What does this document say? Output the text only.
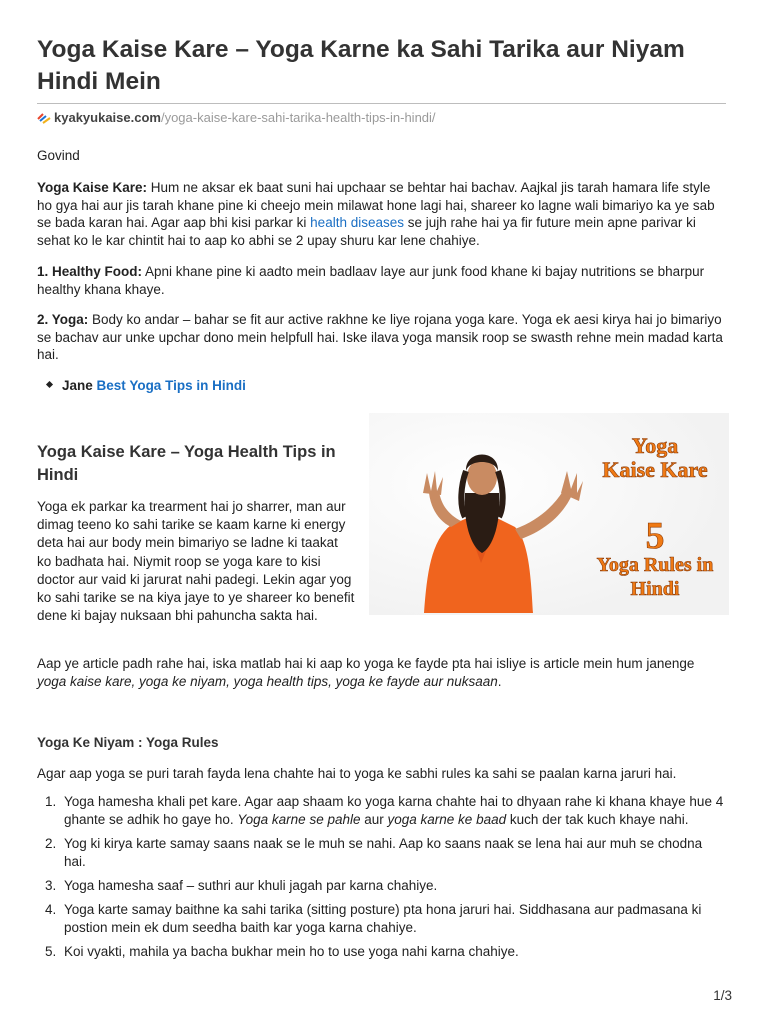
Yoga Kaise Kare – Yoga Karne ka Sahi Tarika aur Niyam Hindi Mein
kyakyukaise.com/yoga-kaise-kare-sahi-tarika-health-tips-in-hindi/
Govind
Yoga Kaise Kare: Hum ne aksar ek baat suni hai upchaar se behtar hai bachav. Aajkal jis tarah hamara life style ho gya hai aur jis tarah khane pine ki cheejo mein milawat hone lagi hai, shareer ko lagne wali bimariyo ka ye sab se bada karan hai. Agar aap bhi kisi parkar ki health diseases se jujh rahe hai ya fir future mein apne parivar ki sehat ko le kar chintit hai to aap ko abhi se 2 upay shuru kar lene chahiye.
1. Healthy Food: Apni khane pine ki aadto mein badlaav laye aur junk food khane ki bajay nutritions se bharpur healthy khana khaye.
2. Yoga: Body ko andar – bahar se fit aur active rakhne ke liye rojana yoga kare. Yoga ek aesi kirya hai jo bimariyo se bachav aur unke upchar dono mein helpfull hai. Iske ilava yoga mansik roop se swasth rehne mein madad karta hai.
Jane Best Yoga Tips in Hindi
Yoga Kaise Kare – Yoga Health Tips in Hindi
Yoga ek parkar ka trearment hai jo sharrer, man aur dimag teeno ko sahi tarike se kaam karne ki energy deta hai aur body mein bimariyo se ladne ki taakat ko badhata hai. Niymit roop se yoga kare to kisi doctor aur vaid ki jarurat nahi padegi. Lekin agar yog ko sahi tarike se na kiya jaye to ye shareer ko benefit dene ki bajay nuksaan bhi pahuncha sakta hai.
Yoga
Kaise Kare
5
Yoga Rules in
Hindi
Aap ye article padh rahe hai, iska matlab hai ki aap ko yoga ke fayde pta hai isliye is article mein hum janenge yoga kaise kare, yoga ke niyam, yoga health tips, yoga ke fayde aur nuksaan.
Yoga Ke Niyam : Yoga Rules
Agar aap yoga se puri tarah fayda lena chahte hai to yoga ke sabhi rules ka sahi se paalan karna jaruri hai.
1. Yoga hamesha khali pet kare. Agar aap shaam ko yoga karna chahte hai to dhyaan rahe ki khana khaye hue 4 ghante se adhik ho gaye ho. Yoga karne se pahle aur yoga karne ke baad kuch der tak kuch khaye nahi.
2. Yog ki kirya karte samay saans naak se le muh se nahi. Aap ko saans naak se lena hai aur muh se chodna hai.
3. Yoga hamesha saaf – suthri aur khuli jagah par karna chahiye.
4. Yoga karte samay baithne ka sahi tarika (sitting posture) pta hona jaruri hai. Siddhasana aur padmasana ki postion mein ek dum seedha baith kar yoga karna chahiye.
5. Koi vyakti, mahila ya bacha bukhar mein ho to use yoga nahi karna chahiye.
1/3
